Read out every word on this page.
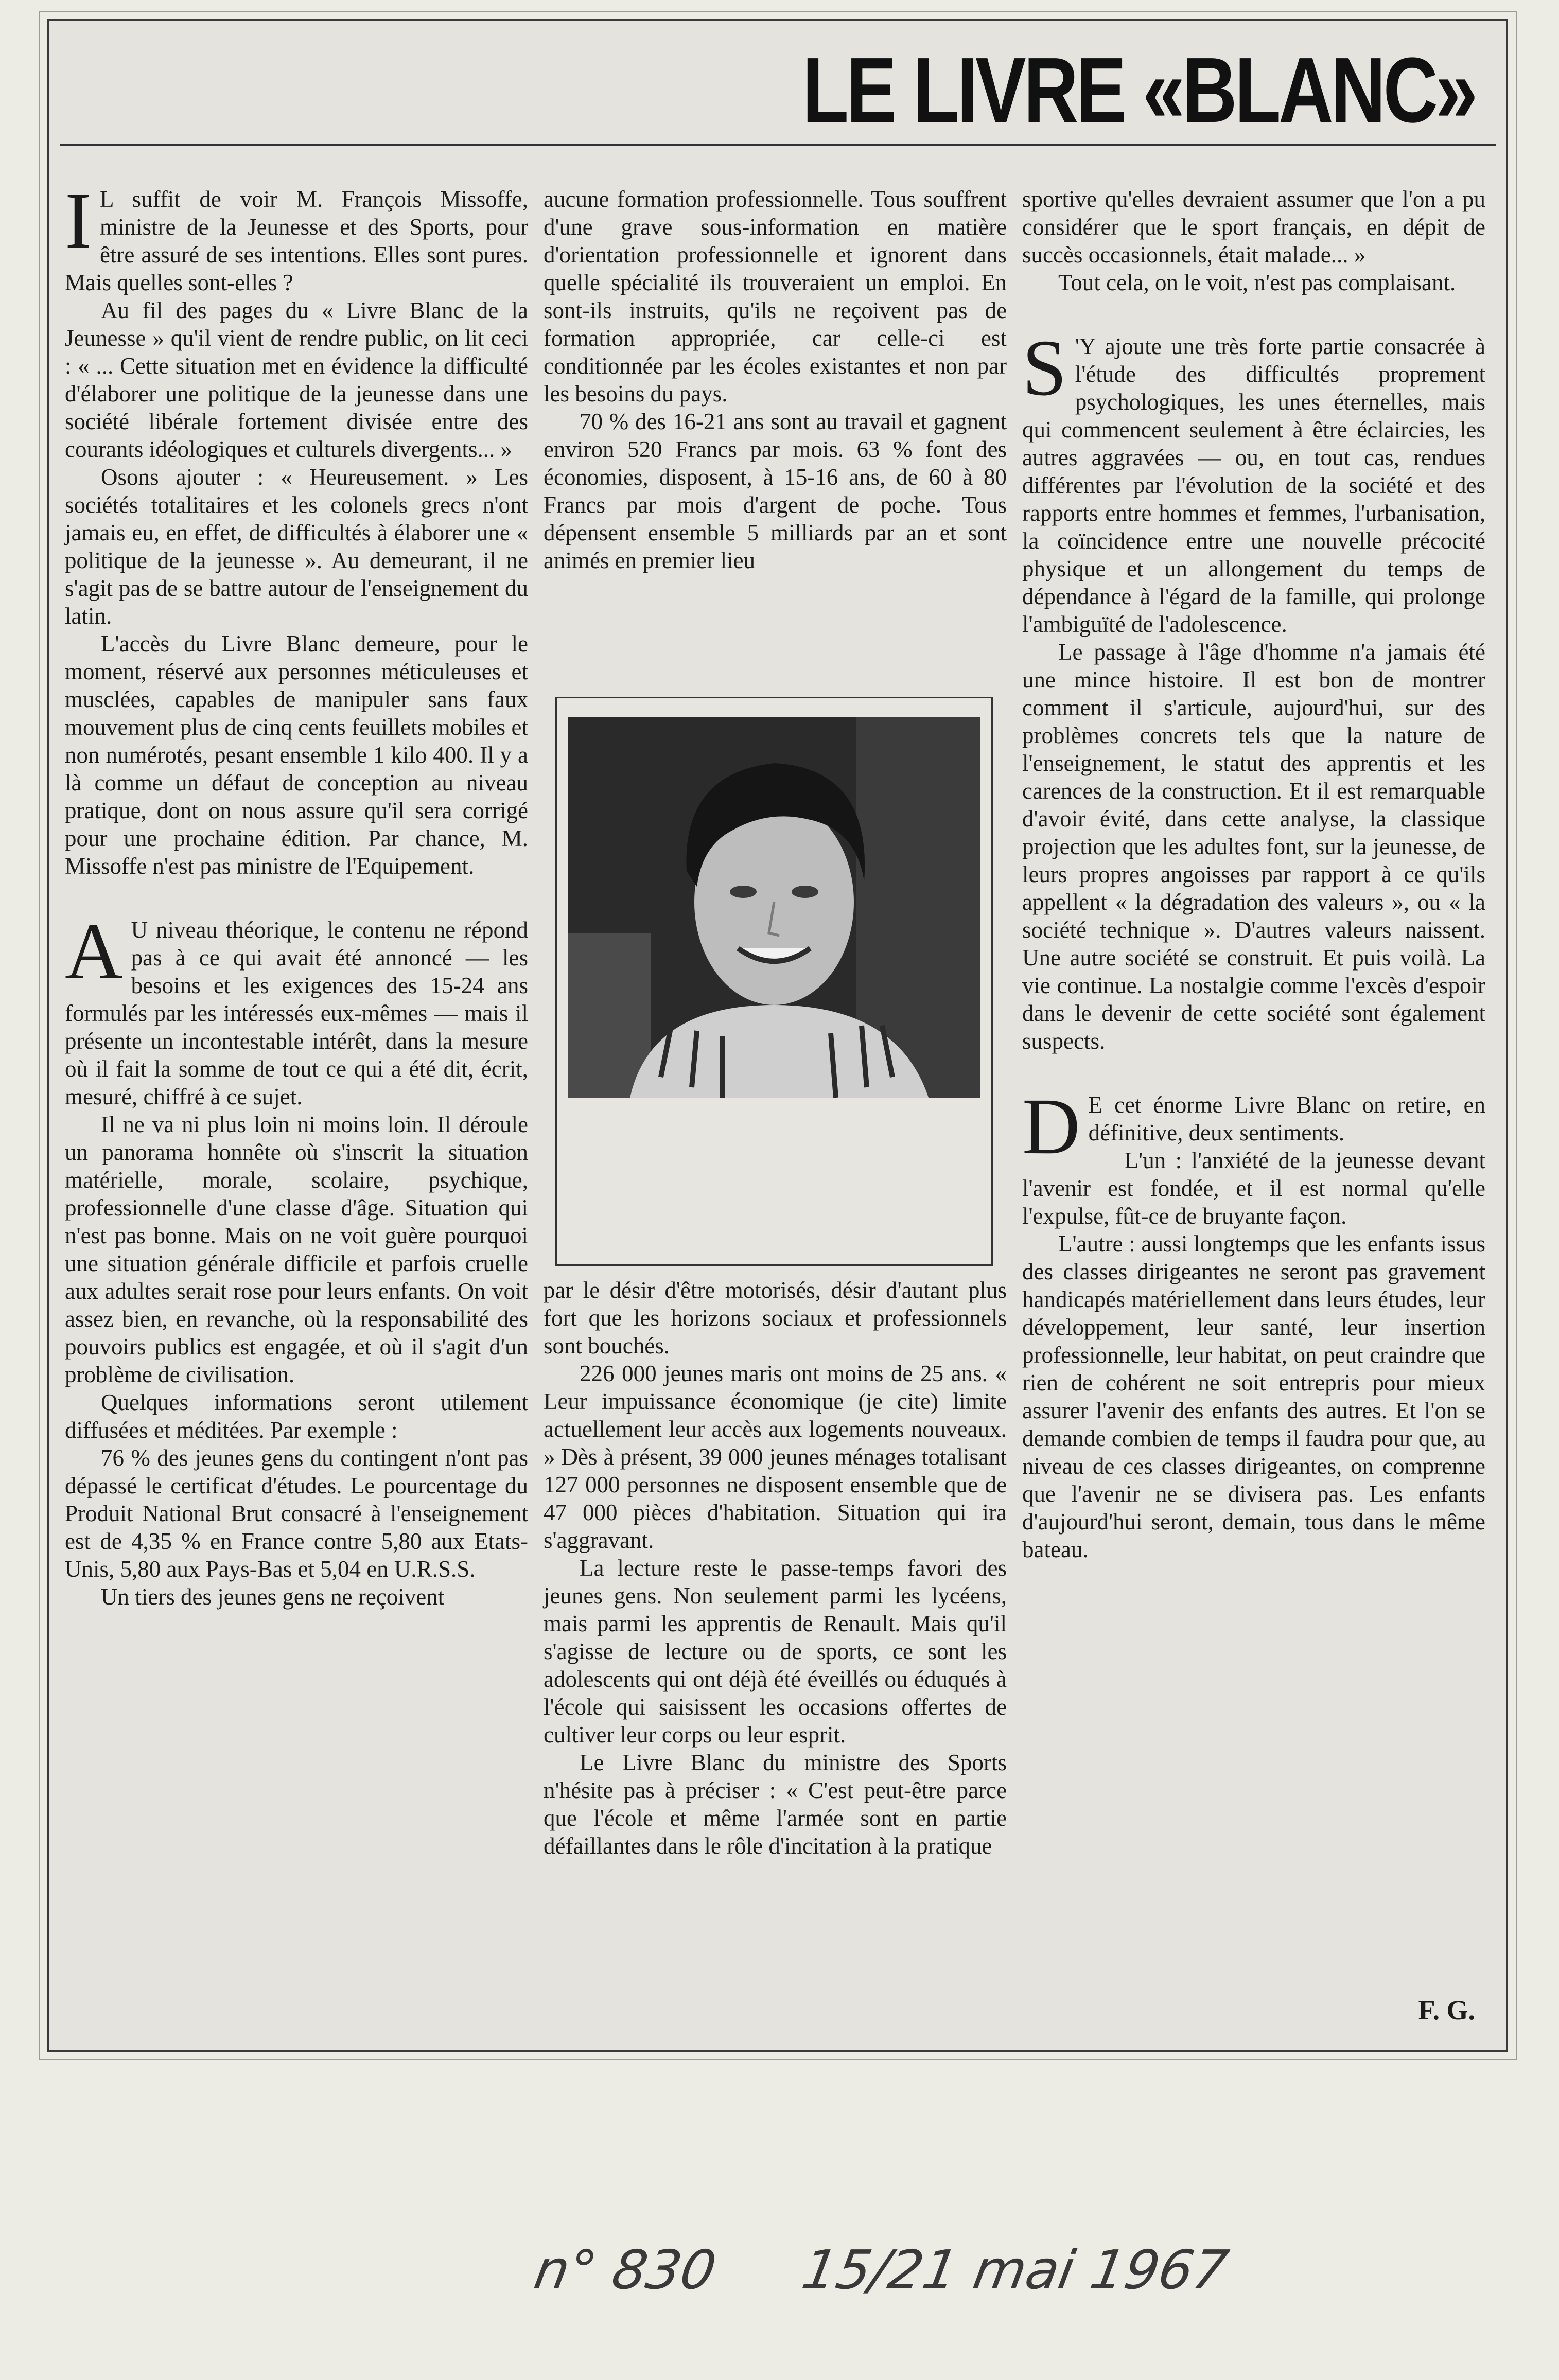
LE LIVRE «BLANC»

I L suffit de voir M. François Missoffe, ministre de la Jeunesse et des Sports, pour être assuré de ses intentions. Elles sont pures. Mais quelles sont-elles ?

Au fil des pages du « Livre Blanc de la Jeunesse » qu'il vient de rendre public, on lit ceci : « ... Cette situation met en évidence la difficulté d'élaborer une politique de la jeunesse dans une société libérale fortement divisée entre des courants idéologiques et culturels divergents... »

Osons ajouter : « Heureusement. » Les sociétés totalitaires et les colonels grecs n'ont jamais eu, en effet, de difficultés à élaborer une « politique de la jeunesse ». Au demeurant, il ne s'agit pas de se battre autour de l'enseignement du latin.

L'accès du Livre Blanc demeure, pour le moment, réservé aux personnes méticuleuses et musclées, capables de manipuler sans faux mouvement plus de cinq cents feuillets mobiles et non numérotés, pesant ensemble 1 kilo 400. Il y a là comme un défaut de conception au niveau pratique, dont on nous assure qu'il sera corrigé pour une prochaine édition. Par chance, M. Missoffe n'est pas ministre de l'Equipement.

A U niveau théorique, le contenu ne répond pas à ce qui avait été annoncé — les besoins et les exigences des 15-24 ans formulés par les intéressés eux-mêmes — mais il présente un incontestable intérêt, dans la mesure où il fait la somme de tout ce qui a été dit, écrit, mesuré, chiffré à ce sujet.

Il ne va ni plus loin ni moins loin. Il déroule un panorama honnête où s'inscrit la situation matérielle, morale, scolaire, psychique, professionnelle d'une classe d'âge. Situation qui n'est pas bonne. Mais on ne voit guère pourquoi une situation générale difficile et parfois cruelle aux adultes serait rose pour leurs enfants. On voit assez bien, en revanche, où la responsabilité des pouvoirs publics est engagée, et où il s'agit d'un problème de civilisation.

Quelques informations seront utilement diffusées et méditées. Par exemple :

76 % des jeunes gens du contingent n'ont pas dépassé le certificat d'études. Le pourcentage du Produit National Brut consacré à l'enseignement est de 4,35 % en France contre 5,80 aux Etats-Unis, 5,80 aux Pays-Bas et 5,04 en U.R.S.S.

Un tiers des jeunes gens ne reçoivent

aucune formation professionnelle. Tous souffrent d'une grave sous-information en matière d'orientation professionnelle et ignorent dans quelle spécialité ils trouveraient un emploi. En sont-ils instruits, qu'ils ne reçoivent pas de formation appropriée, car celle-ci est conditionnée par les écoles existantes et non par les besoins du pays.

70 % des 16-21 ans sont au travail et gagnent environ 520 Francs par mois. 63 % font des économies, disposent, à 15-16 ans, de 60 à 80 Francs par mois d'argent de poche. Tous dépensent ensemble 5 milliards par an et sont animés en premier lieu

par le désir d'être motorisés, désir d'autant plus fort que les horizons sociaux et professionnels sont bouchés.

226 000 jeunes maris ont moins de 25 ans. « Leur impuissance économique (je cite) limite actuellement leur accès aux logements nouveaux. » Dès à présent, 39 000 jeunes ménages totalisant 127 000 personnes ne disposent ensemble que de 47 000 pièces d'habitation. Situation qui ira s'aggravant.

La lecture reste le passe-temps favori des jeunes gens. Non seulement parmi les lycéens, mais parmi les apprentis de Renault. Mais qu'il s'agisse de lecture ou de sports, ce sont les adolescents qui ont déjà été éveillés ou éduqués à l'école qui saisissent les occasions offertes de cultiver leur corps ou leur esprit.

Le Livre Blanc du ministre des Sports n'hésite pas à préciser : « C'est peut-être parce que l'école et même l'armée sont en partie défaillantes dans le rôle d'incitation à la pratique

sportive qu'elles devraient assumer que l'on a pu considérer que le sport français, en dépit de succès occasionnels, était malade... »

Tout cela, on le voit, n'est pas complaisant.

S 'Y ajoute une très forte partie consacrée à l'étude des difficultés proprement psychologiques, les unes éternelles, mais qui commencent seulement à être éclaircies, les autres aggravées — ou, en tout cas, rendues différentes par l'évolution de la société et des rapports entre hommes et femmes, l'urbanisation, la coïncidence entre une nouvelle précocité physique et un allongement du temps de dépendance à l'égard de la famille, qui prolonge l'ambiguïté de l'adolescence.

Le passage à l'âge d'homme n'a jamais été une mince histoire. Il est bon de montrer comment il s'articule, aujourd'hui, sur des problèmes concrets tels que la nature de l'enseignement, le statut des apprentis et les carences de la construction. Et il est remarquable d'avoir évité, dans cette analyse, la classique projection que les adultes font, sur la jeunesse, de leurs propres angoisses par rapport à ce qu'ils appellent « la dégradation des valeurs », ou « la société technique ». D'autres valeurs naissent. Une autre société se construit. Et puis voilà. La vie continue. La nostalgie comme l'excès d'espoir dans le devenir de cette société sont également suspects.

D E cet énorme Livre Blanc on retire, en définitive, deux sentiments.

L'un : l'anxiété de la jeunesse devant l'avenir est fondée, et il est normal qu'elle l'expulse, fût-ce de bruyante façon.

L'autre : aussi longtemps que les enfants issus des classes dirigeantes ne seront pas gravement handicapés matériellement dans leurs études, leur développement, leur santé, leur insertion professionnelle, leur habitat, on peut craindre que rien de cohérent ne soit entrepris pour mieux assurer l'avenir des enfants des autres. Et l'on se demande combien de temps il faudra pour que, au niveau de ces classes dirigeantes, on comprenne que l'avenir ne se divisera pas. Les enfants d'aujourd'hui seront, demain, tous dans le même bateau.

F. G.
n° 830 15/21 mai 1967
